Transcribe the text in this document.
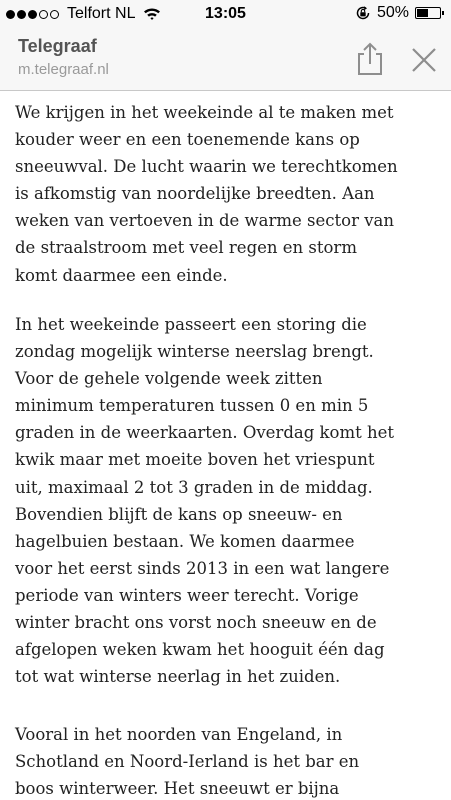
Telfort NL	13:05	50%
Telegraaf
m.telegraaf.nl

We krijgen in het weekeinde al te maken met
kouder weer en een toenemende kans op
sneeuwval. De lucht waarin we terechtkomen
is afkomstig van noordelijke breedten. Aan
weken van vertoeven in de warme sector van
de straalstroom met veel regen en storm
komt daarmee een einde.

In het weekeinde passeert een storing die
zondag mogelijk winterse neerslag brengt.
Voor de gehele volgende week zitten
minimum temperaturen tussen 0 en min 5
graden in de weerkaarten. Overdag komt het
kwik maar met moeite boven het vriespunt
uit, maximaal 2 tot 3 graden in de middag.
Bovendien blijft de kans op sneeuw- en
hagelbuien bestaan. We komen daarmee
voor het eerst sinds 2013 in een wat langere
periode van winters weer terecht. Vorige
winter bracht ons vorst noch sneeuw en de
afgelopen weken kwam het hooguit één dag
tot wat winterse neerlag in het zuiden.

Vooral in het noorden van Engeland, in
Schotland en Noord-Ierland is het bar en
boos winterweer. Het sneeuwt er bijna
